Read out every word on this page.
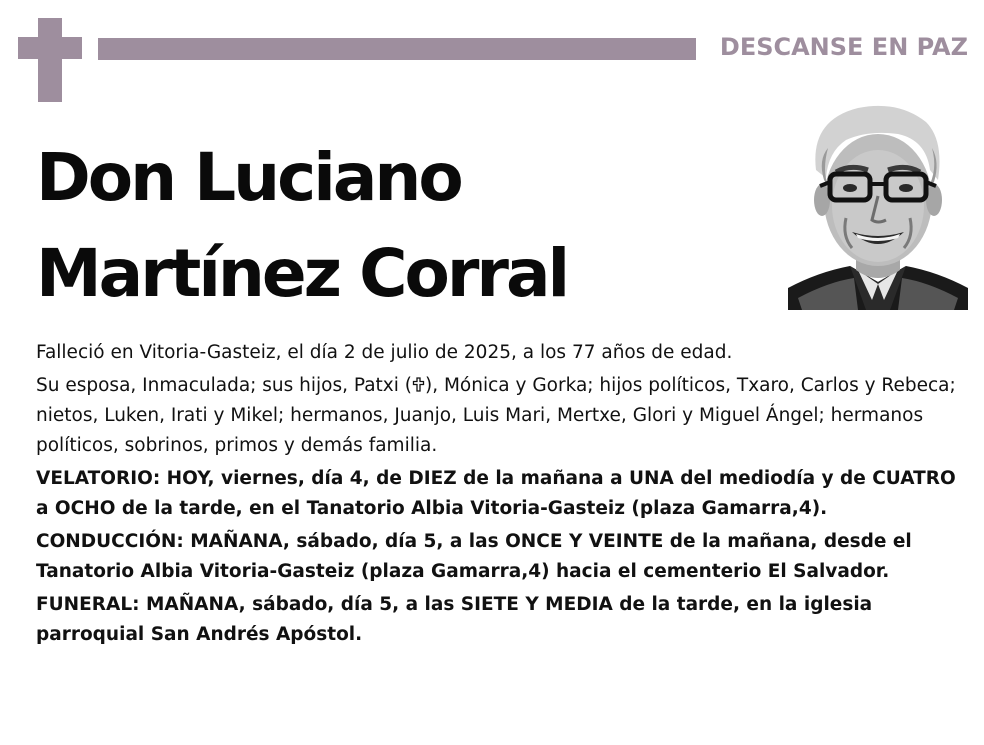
DESCANSE EN PAZ
Don Luciano
Martínez Corral

Falleció en Vitoria-Gasteiz, el día 2 de julio de 2025, a los 77 años de edad.

Su esposa, Inmaculada; sus hijos, Patxi ( ), Mónica y Gorka; hijos políticos, Txaro, Carlos y Rebeca; nietos, Luken, Irati y Mikel; hermanos, Juanjo, Luis Mari, Mertxe, Glori y Miguel Ángel; hermanos políticos, sobrinos, primos y demás familia.

VELATORIO: HOY, viernes, día 4, de DIEZ de la mañana a UNA del mediodía y de CUATRO a OCHO de la tarde, en el Tanatorio Albia Vitoria-Gasteiz (plaza Gamarra,4).

CONDUCCIÓN: MAÑANA, sábado, día 5, a las ONCE Y VEINTE de la mañana, desde el Tanatorio Albia Vitoria-Gasteiz (plaza Gamarra,4) hacia el cementerio El Salvador.

FUNERAL: MAÑANA, sábado, día 5, a las SIETE Y MEDIA de la tarde, en la iglesia parroquial San Andrés Apóstol.
